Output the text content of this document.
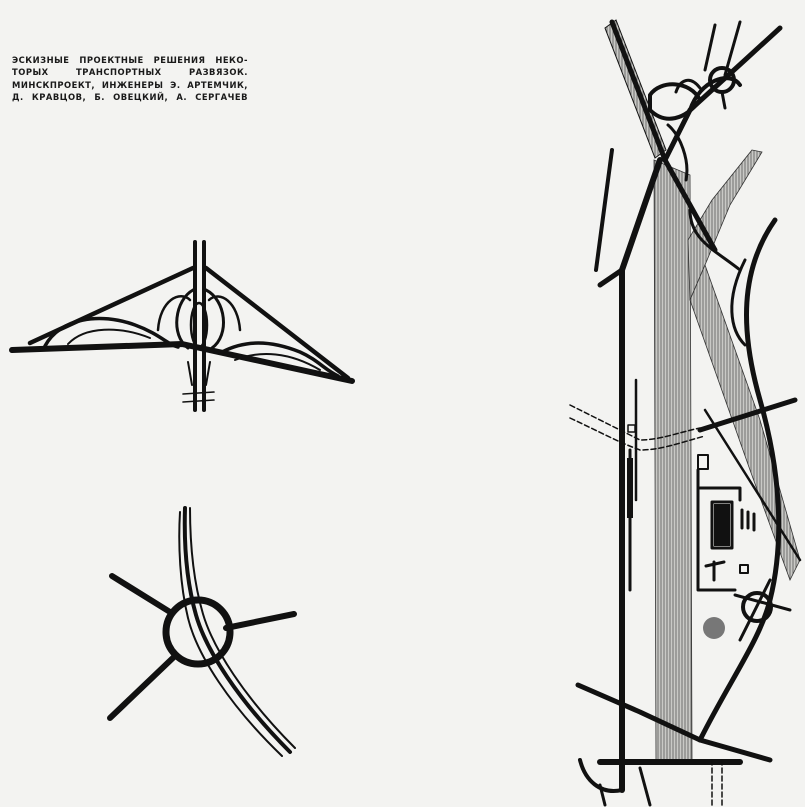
ЭСКИЗНЫЕ ПРОЕКТНЫЕ РЕШЕНИЯ НЕКО-
ТОРЫХ ТРАНСПОРТНЫХ РАЗВЯЗОК.
МИНСКПРОЕКТ, ИНЖЕНЕРЫ Э. АРТЕМЧИК,
Д. КРАВЦОВ, Б. ОВЕЦКИЙ, А. СЕРГАЧЕВ
